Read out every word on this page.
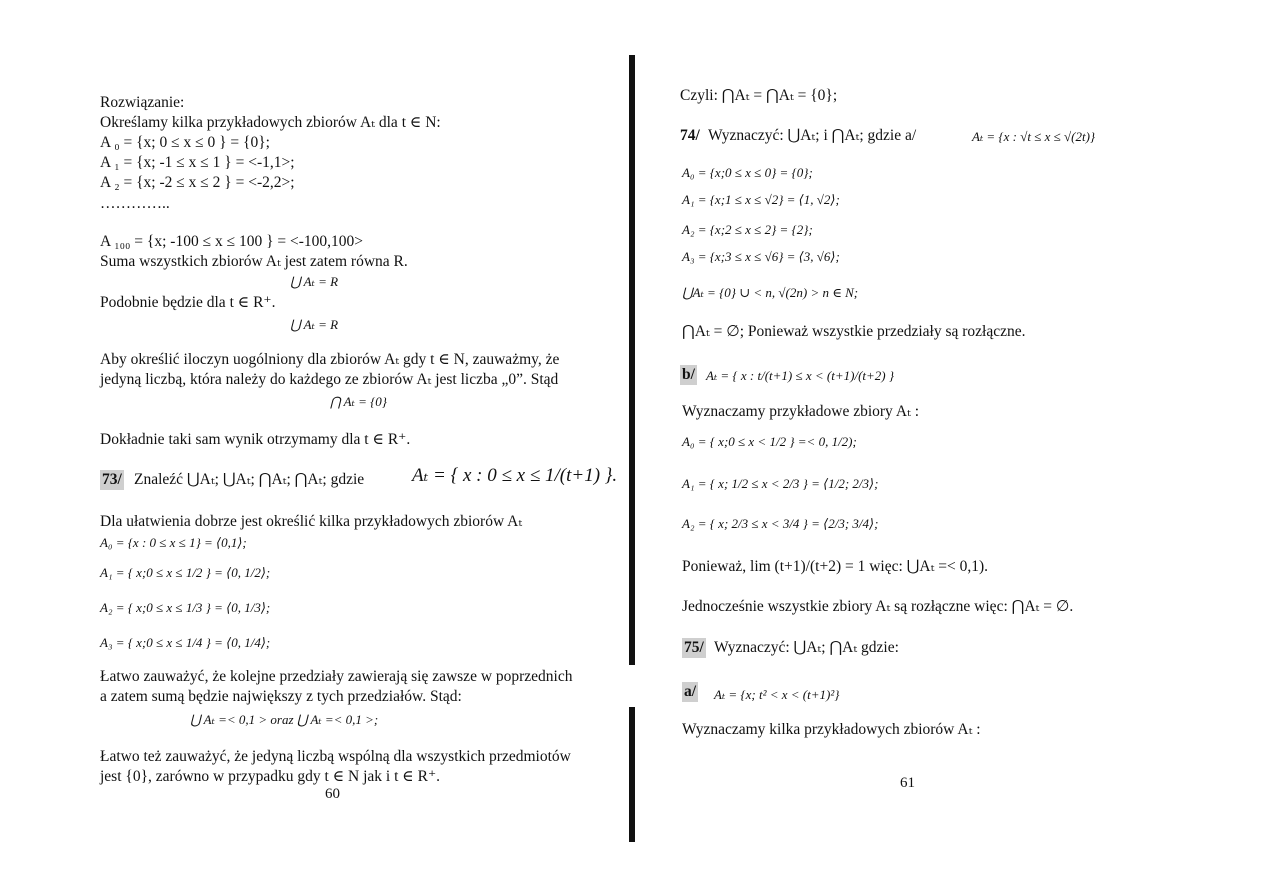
Rozwiązanie:
Określamy kilka przykładowych zbiorów Aₜ dla t ∈ N:
A ₀ = {x; 0 ≤ x ≤ 0 } = {0};
A ₁ = {x; -1 ≤ x ≤ 1 } = <-1,1>;
A ₂ = {x; -2 ≤ x ≤ 2 } = <-2,2>;
…………..
A ₁₀₀ = {x; -100 ≤ x ≤ 100 } = <-100,100>
Suma wszystkich zbiorów Aₜ jest zatem równa R.
⋃ Aₜ = R
Podobnie będzie dla t ∈ R⁺.
⋃ Aₜ = R
Aby określić iloczyn uogólniony dla zbiorów Aₜ gdy t ∈ N, zauważmy, że
jedyną liczbą, która należy do każdego ze zbiorów Aₜ jest liczba „0”. Stąd
⋂ Aₜ = {0}
Dokładnie taki sam wynik otrzymamy dla t ∈ R⁺.
73/ Znaleźć ⋃Aₜ; ⋃Aₜ; ⋂Aₜ; ⋂Aₜ; gdzie	Aₜ = { x : 0 ≤ x ≤ 1/(t+1) }.
Dla ułatwienia dobrze jest określić kilka przykładowych zbiorów Aₜ
A₀ = {x : 0 ≤ x ≤ 1} = ⟨0,1⟩;
A₁ = { x;0 ≤ x ≤ 1/2 } = ⟨0, 1/2⟩;
A₂ = { x;0 ≤ x ≤ 1/3 } = ⟨0, 1/3⟩;
A₃ = { x;0 ≤ x ≤ 1/4 } = ⟨0, 1/4⟩;
Łatwo zauważyć, że kolejne przedziały zawierają się zawsze w poprzednich
a zatem sumą będzie największy z tych przedziałów. Stąd:
⋃ Aₜ =< 0,1 > oraz ⋃ Aₜ =< 0,1 >;
Łatwo też zauważyć, że jedyną liczbą wspólną dla wszystkich przedmiotów
jest {0}, zarówno w przypadku gdy t ∈ N jak i t ∈ R⁺.
60
Czyli: ⋂Aₜ = ⋂Aₜ = {0};
74/ Wyznaczyć: ⋃Aₜ; i ⋂Aₜ; gdzie a/	Aₜ = {x : √t ≤ x ≤ √(2t)}
A₀ = {x;0 ≤ x ≤ 0} = {0};
A₁ = {x;1 ≤ x ≤ √2} = ⟨1, √2⟩;
A₂ = {x;2 ≤ x ≤ 2} = {2};
A₃ = {x;3 ≤ x ≤ √6} = ⟨3, √6⟩;
⋃Aₜ = {0} ∪ < n, √(2n) > n ∈ N;
⋂Aₜ = ∅; Ponieważ wszystkie przedziały są rozłączne.
b/ Aₜ = { x : t/(t+1) ≤ x < (t+1)/(t+2) }
Wyznaczamy przykładowe zbiory Aₜ :
A₀ = { x;0 ≤ x < 1/2 } =< 0, 1/2);
A₁ = { x; 1/2 ≤ x < 2/3 } = ⟨1/2; 2/3⟩;
A₂ = { x; 2/3 ≤ x < 3/4 } = ⟨2/3; 3/4⟩;
Ponieważ, lim (t+1)/(t+2) = 1 więc: ⋃Aₜ =< 0,1).
Jednocześnie wszystkie zbiory Aₜ są rozłączne więc: ⋂Aₜ = ∅.
75/ Wyznaczyć: ⋃Aₜ; ⋂Aₜ gdzie:
a/ Aₜ = {x; t² < x < (t+1)²}
Wyznaczamy kilka przykładowych zbiorów Aₜ :
61
